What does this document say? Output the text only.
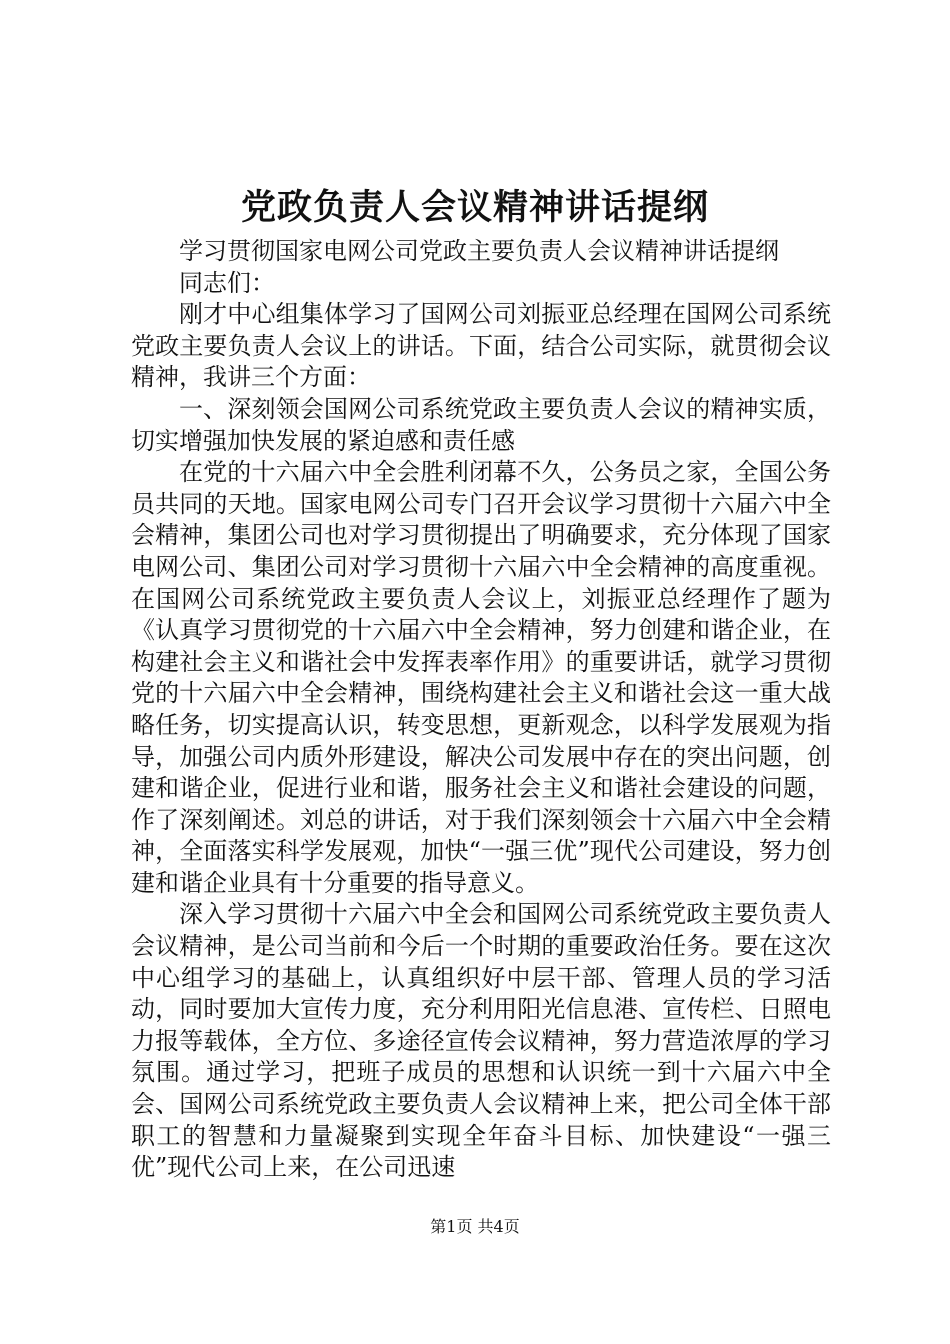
党政负责人会议精神讲话提纲

学习贯彻国家电网公司党政主要负责人会议精神讲话提纲

同志们：

刚才中心组集体学习了国网公司刘振亚总经理在国网公司系统党政主要负责人会议上的讲话。下面，结合公司实际，就贯彻会议精神，我讲三个方面：

一、深刻领会国网公司系统党政主要负责人会议的精神实质，切实增强加快发展的紧迫感和责任感

在党的十六届六中全会胜利闭幕不久，公务员之家，全国公务员共同的天地。国家电网公司专门召开会议学习贯彻十六届六中全会精神，集团公司也对学习贯彻提出了明确要求，充分体现了国家电网公司、集团公司对学习贯彻十六届六中全会精神的高度重视。在国网公司系统党政主要负责人会议上，刘振亚总经理作了题为《认真学习贯彻党的十六届六中全会精神，努力创建和谐企业，在构建社会主义和谐社会中发挥表率作用》的重要讲话，就学习贯彻党的十六届六中全会精神，围绕构建社会主义和谐社会这一重大战略任务，切实提高认识，转变思想，更新观念，以科学发展观为指导，加强公司内质外形建设，解决公司发展中存在的突出问题，创建和谐企业，促进行业和谐，服务社会主义和谐社会建设的问题，作了深刻阐述。刘总的讲话，对于我们深刻领会十六届六中全会精神，全面落实科学发展观，加快“一强三优”现代公司建设，努力创建和谐企业具有十分重要的指导意义。

深入学习贯彻十六届六中全会和国网公司系统党政主要负责人会议精神，是公司当前和今后一个时期的重要政治任务。要在这次中心组学习的基础上，认真组织好中层干部、管理人员的学习活动，同时要加大宣传力度，充分利用阳光信息港、宣传栏、日照电力报等载体，全方位、多途径宣传会议精神，努力营造浓厚的学习氛围。通过学习，把班子成员的思想和认识统一到十六届六中全会、国网公司系统党政主要负责人会议精神上来，把公司全体干部职工的智慧和力量凝聚到实现全年奋斗目标、加快建设“一强三优”现代公司上来，在公司迅速

第1页 共4页
